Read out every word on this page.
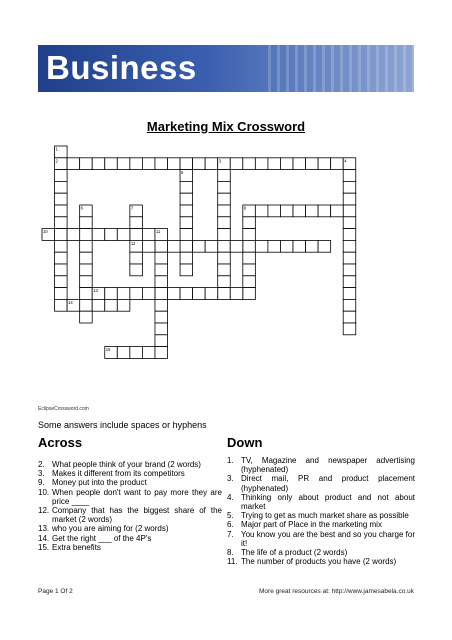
Business
Marketing Mix Crossword
1
2	3	4
5
6	7	9
10	11
12
13
14
15
EclipseCrossword.com
Some answers include spaces or hyphens
Across	Down
2. What people think of your brand (2 words)
3. Makes it different from its competitors
9. Money put into the product
10. When people don't want to pay more they are price ____
12. Company that has the biggest share of the market (2 words)
13. who you are aiming for (2 words)
14. Get the right ___ of the 4P's
15. Extra benefits
1. TV, Magazine and newspaper advertising (hyphenated)
3. Direct mail, PR and product placement (hyphenated)
4. Thinking only about product and not about market
5. Trying to get as much market share as possible
6. Major part of Place in the marketing mix
7. You know you are the best and so you charge for it!
8. The life of a product (2 words)
11. The number of products you have (2 words)
Page 1 Of 2	More great resources at: http://www.jamesabela.co.uk
